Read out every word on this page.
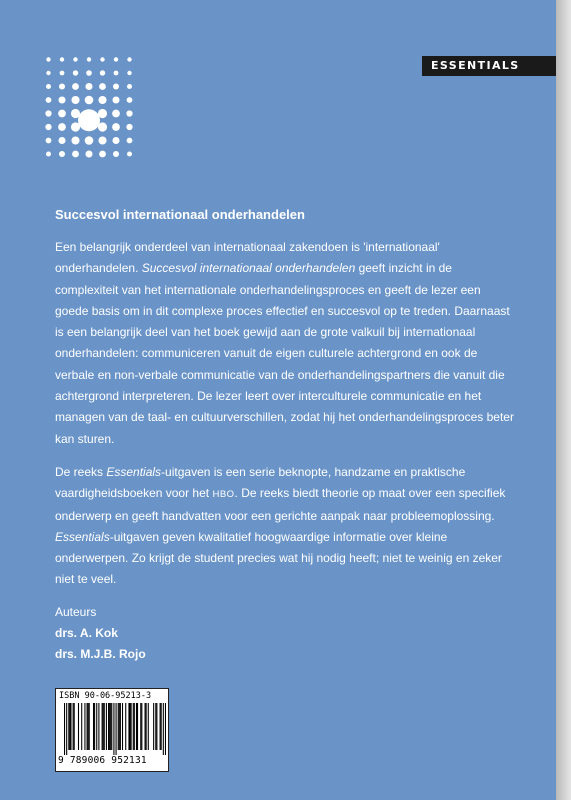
ESSENTIALS
Succesvol internationaal onderhandelen

Een belangrijk onderdeel van internationaal zakendoen is 'internationaal' onderhandelen. Succesvol internationaal onderhandelen geeft inzicht in de complexiteit van het internationale onderhandelingsproces en geeft de lezer een goede basis om in dit complexe proces effectief en succesvol op te treden. Daarnaast is een belangrijk deel van het boek gewijd aan de grote valkuil bij internationaal onderhandelen: communiceren vanuit de eigen culturele achtergrond en ook de verbale en non-verbale communicatie van de onderhandelingspartners die vanuit die achtergrond interpreteren. De lezer leert over interculturele communicatie en het managen van de taal- en cultuurverschillen, zodat hij het onderhandelingsproces beter kan sturen.

De reeks Essentials-uitgaven is een serie beknopte, handzame en praktische vaardigheidsboeken voor het HBO. De reeks biedt theorie op maat over een specifiek onderwerp en geeft handvatten voor een gerichte aanpak naar probleemoplossing. Essentials-uitgaven geven kwalitatief hoogwaardige informatie over kleine onderwerpen. Zo krijgt de student precies wat hij nodig heeft; niet te weinig en zeker niet te veel.

Auteurs
drs. A. Kok
drs. M.J.B. Rojo
ISBN 90-06-95213-3
9 789006 952131
